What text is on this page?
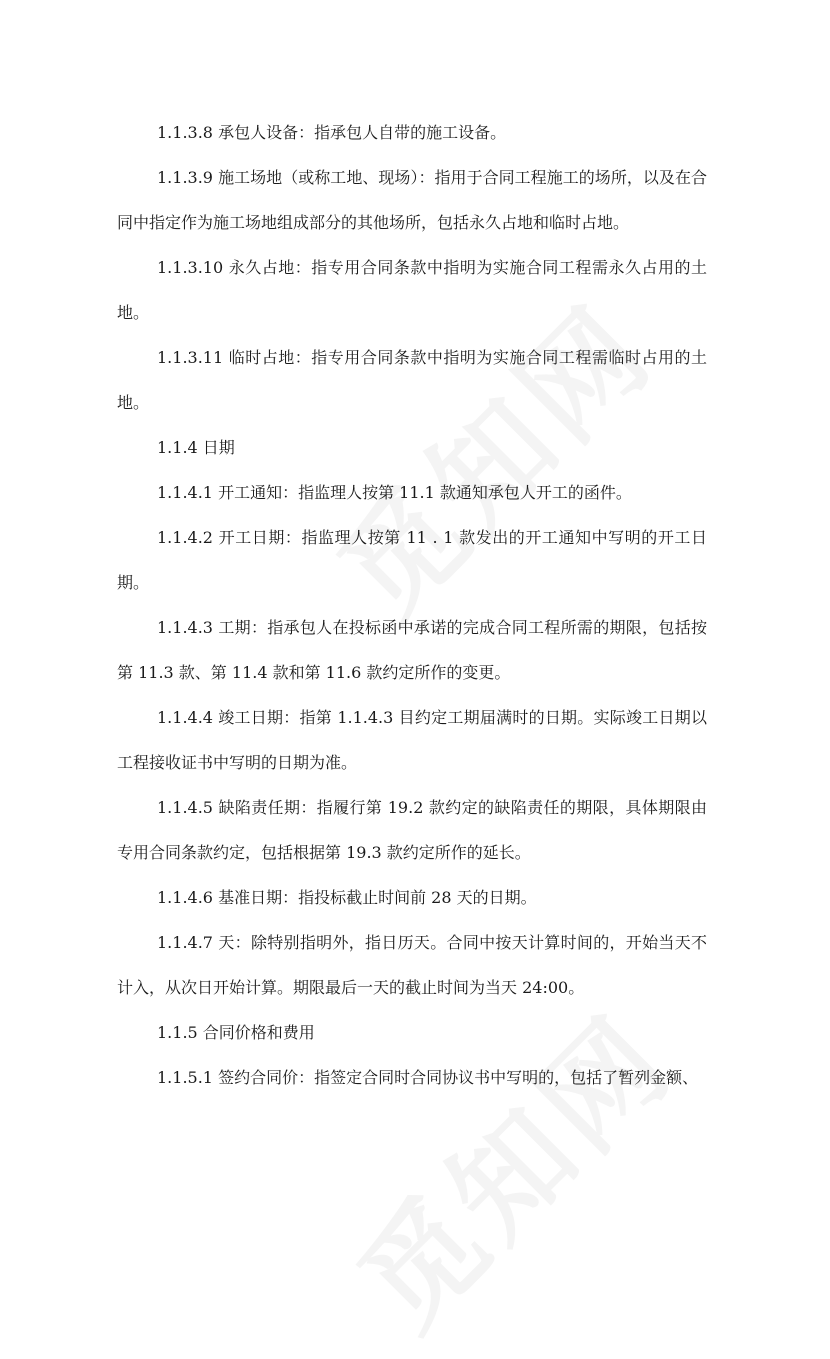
1.1.3.8 承包人设备：指承包人自带的施工设备。

1.1.3.9 施工场地（或称工地、现场）：指用于合同工程施工的场所，以及在合同中指定作为施工场地组成部分的其他场所，包括永久占地和临时占地。

1.1.3.10 永久占地：指专用合同条款中指明为实施合同工程需永久占用的土地。

1.1.3.11 临时占地：指专用合同条款中指明为实施合同工程需临时占用的土地。

1.1.4 日期

1.1.4.1 开工通知：指监理人按第 11.1 款通知承包人开工的函件。

1.1.4.2 开工日期：指监理人按第 11 . 1 款发出的开工通知中写明的开工日期。

1.1.4.3 工期：指承包人在投标函中承诺的完成合同工程所需的期限，包括按第 11.3 款、第 11.4 款和第 11.6 款约定所作的变更。

1.1.4.4 竣工日期：指第 1.1.4.3 目约定工期届满时的日期。实际竣工日期以工程接收证书中写明的日期为准。

1.1.4.5 缺陷责任期：指履行第 19.2 款约定的缺陷责任的期限，具体期限由专用合同条款约定，包括根据第 19.3 款约定所作的延长。

1.1.4.6 基准日期：指投标截止时间前 28 天的日期。

1.1.4.7 天：除特别指明外，指日历天。合同中按天计算时间的，开始当天不计入，从次日开始计算。期限最后一天的截止时间为当天 24:00。

1.1.5 合同价格和费用

1.1.5.1 签约合同价：指签定合同时合同协议书中写明的，包括了暂列金额、
